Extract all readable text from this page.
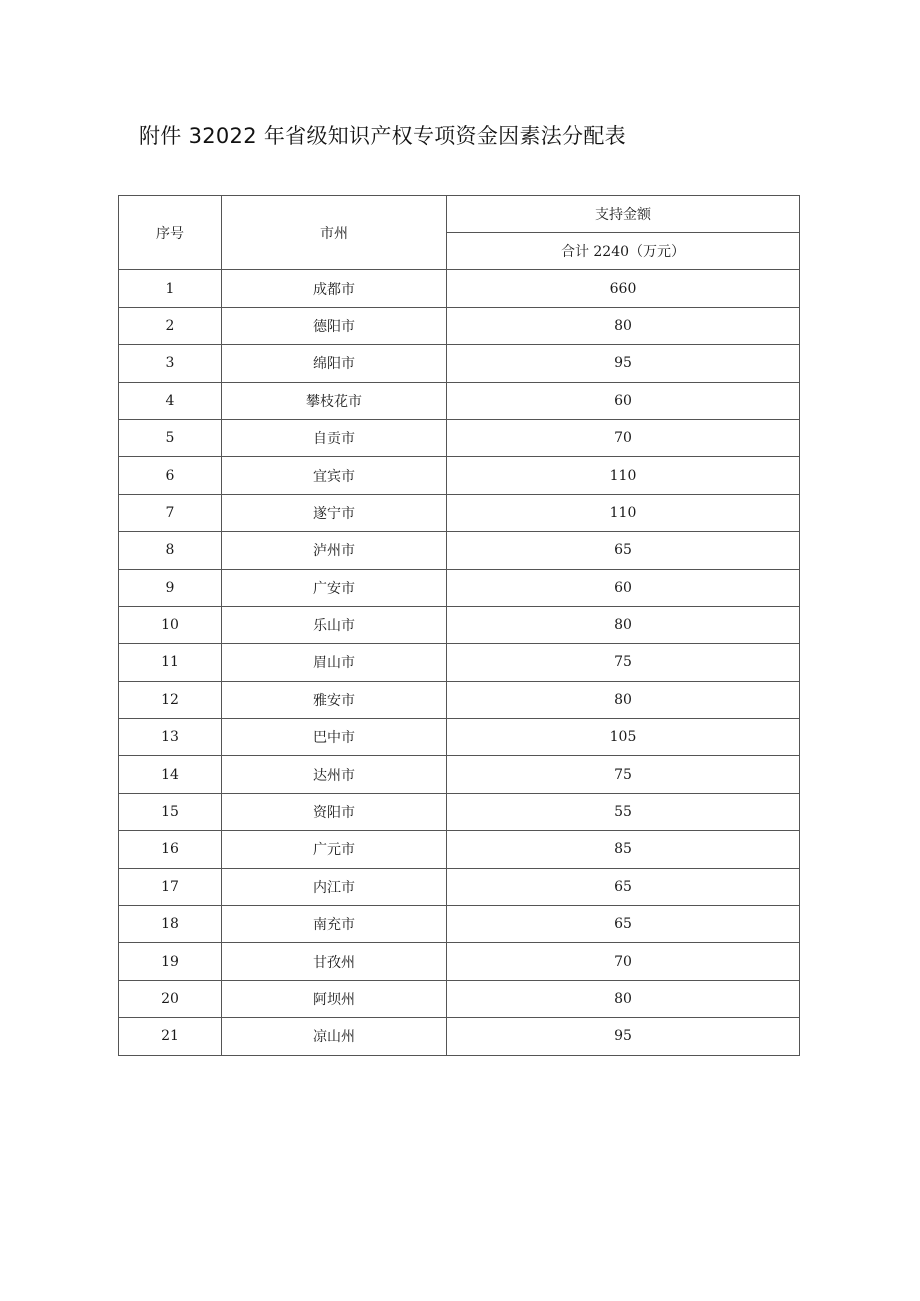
附件 32022 年省级知识产权专项资金因素法分配表
序号	市州	支持金额
		合计 2240（万元）
1	成都市	660
2	德阳市	80
3	绵阳市	95
4	攀枝花市	60
5	自贡市	70
6	宜宾市	110
7	遂宁市	110
8	泸州市	65
9	广安市	60
10	乐山市	80
11	眉山市	75
12	雅安市	80
13	巴中市	105
14	达州市	75
15	资阳市	55
16	广元市	85
17	内江市	65
18	南充市	65
19	甘孜州	70
20	阿坝州	80
21	凉山州	95
